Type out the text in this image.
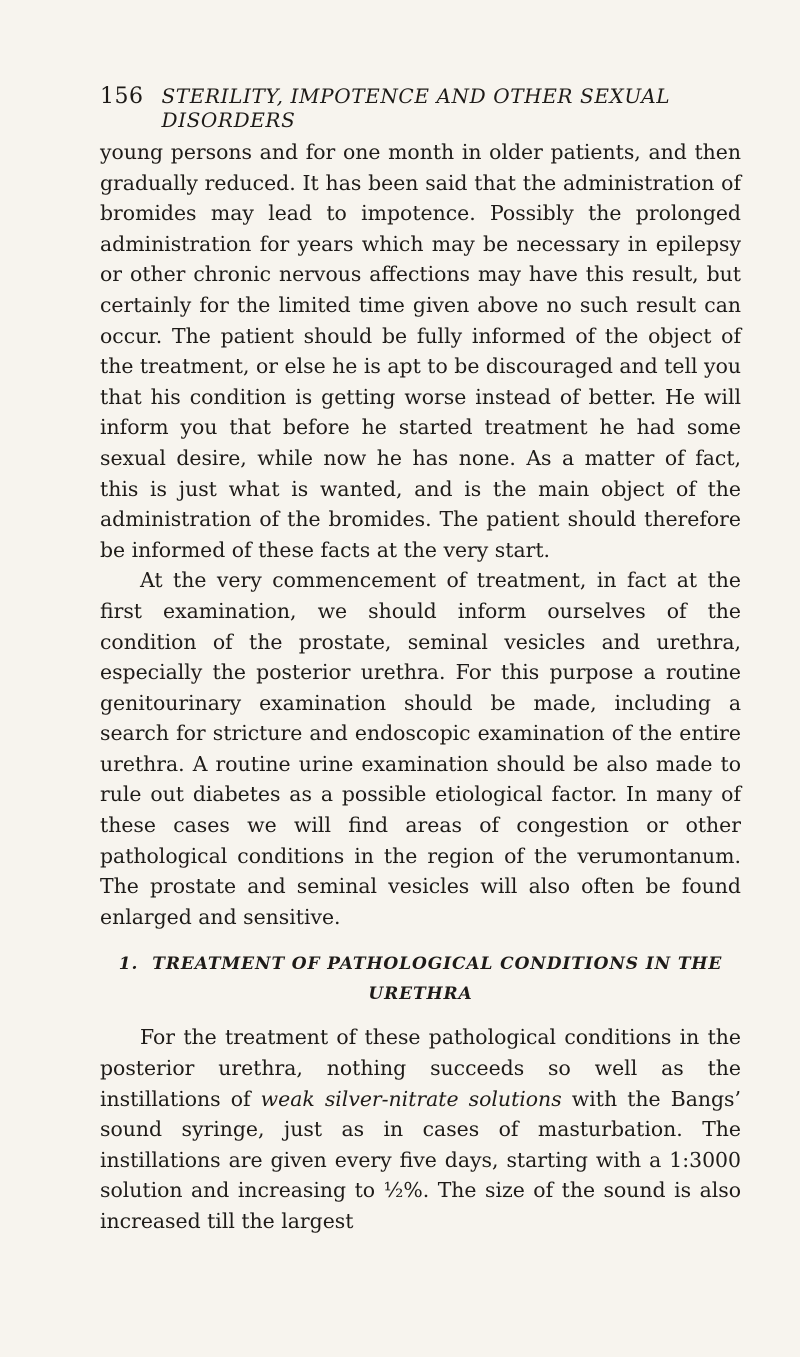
156 STERILITY, IMPOTENCE AND OTHER SEXUAL DISORDERS

young persons and for one month in older patients, and then gradually reduced. It has been said that the administration of bromides may lead to impotence. Possibly the prolonged administration for years which may be necessary in epilepsy or other chronic nervous affections may have this result, but certainly for the limited time given above no such result can occur. The patient should be fully informed of the object of the treatment, or else he is apt to be discouraged and tell you that his condition is getting worse instead of better. He will inform you that before he started treatment he had some sexual desire, while now he has none. As a matter of fact, this is just what is wanted, and is the main object of the administration of the bromides. The patient should therefore be informed of these facts at the very start.

At the very commencement of treatment, in fact at the first examination, we should inform ourselves of the condition of the prostate, seminal vesicles and urethra, especially the posterior urethra. For this purpose a routine genitourinary examination should be made, including a search for stricture and endoscopic examination of the entire urethra. A routine urine examination should be also made to rule out diabetes as a possible etiological factor. In many of these cases we will find areas of congestion or other pathological conditions in the region of the verumontanum. The prostate and seminal vesicles will also often be found enlarged and sensitive.

1. TREATMENT OF PATHOLOGICAL CONDITIONS IN THE URETHRA

For the treatment of these pathological conditions in the posterior urethra, nothing succeeds so well as the instillations of weak silver-nitrate solutions with the Bangs’ sound syringe, just as in cases of masturbation. The instillations are given every five days, starting with a 1:3000 solution and increasing to ½%. The size of the sound is also increased till the largest
